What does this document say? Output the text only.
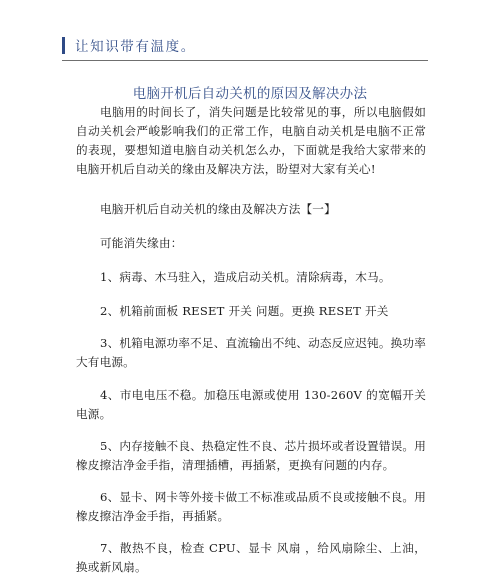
让知识带有温度。
电脑开机后自动关机的原因及解决办法

电脑用的时间长了，消失问题是比较常见的事，所以电脑假如自动关机会严峻影响我们的正常工作，电脑自动关机是电脑不正常的表现，要想知道电脑自动关机怎么办，下面就是我给大家带来的电脑开机后自动关的缘由及解决方法，盼望对大家有关心!

电脑开机后自动关机的缘由及解决方法【一】

可能消失缘由：

1、病毒、木马驻入，造成启动关机。清除病毒，木马。

2、机箱前面板 RESET 开关 问题。更换 RESET 开关

3、机箱电源功率不足、直流输出不纯、动态反应迟钝。换功率大有电源。

4、市电电压不稳。加稳压电源或使用 130-260V 的宽幅开关电源。

5、内存接触不良、热稳定性不良、芯片损坏或者设置错误。用橡皮擦洁净金手指，清理插槽，再插紧，更换有问题的内存。

6、显卡、网卡等外接卡做工不标准或品质不良或接触不良。用橡皮擦洁净金手指，再插紧。

7、散热不良，检查 CPU、显卡 风扇 ，给风扇除尘、上油，换或新风扇。
